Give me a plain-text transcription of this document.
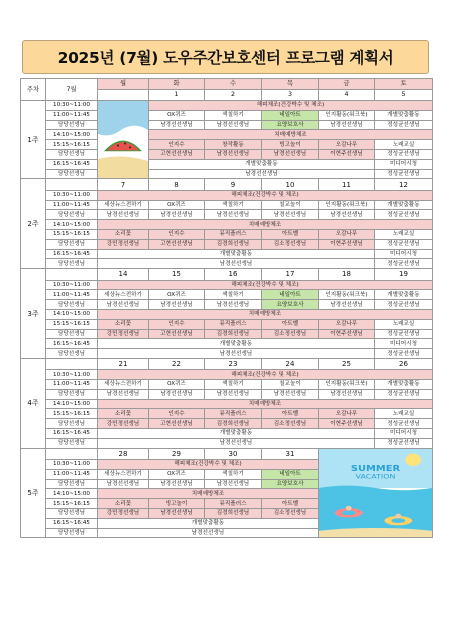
2025년 (7월) 도우주간보호센터 프로그램 계획서
주차	7월	월	화	수	목	금	토
			1	2	3	4	5
1주	10:30~11:00		해피체조(건강박수 및 체조)				
	11:00~11:45		OX퀴즈	색칠하기	네일아트	인지활동(워크북)	개별맞춤활동
	담당선생님		남경선선생님	남경선선생님	요양보호사	남경선선생님	정성균선생님
	14:10~15:00		치매예방체조				
	15:15~16:15		인지수	창작활동	빙고놀이	오감나무	노래교실
	담당선생님		고현선선생님	남경선선생님	남경선선생님	이현주선생님	정성균선생님
	16:15~16:45		개별맞춤활동				미디어시청
	담당선생님		남경선선생님				정성균선생님
2주		7	8	9	10	11	12
	10:30~11:00	해피체조(건강박수 및 체조)					
	11:00~11:45	세상뉴스전하기	OX퀴즈	색칠하기	칠교놀이	인지활동(워크북)	개별맞춤활동
	담당선생님	남경선선생님	남경선선생님	남경선선생님	남경선선생님	남경선선생님	정성균선생님
	14:10~15:00	치매예방체조					
	15:15~16:15	소리꽃	인지수	뮤직플러스	아트벨	오감나무	노래교실
	담당선생님	강민정선생님	고현선선생님	김경희선생님	김소정선생님	이현주선생님	정성균선생님
	16:15~16:45	개별맞춤활동					미디어시청
	담당선생님	남경선선생님					정성균선생님
3주		14	15	16	17	18	19
	10:30~11:00	해피체조(건강박수 및 체조)					
	11:00~11:45	세상뉴스전하기	OX퀴즈	색칠하기	네일아트	인지활동(워크북)	개별맞춤활동
	담당선생님	남경선선생님	남경선선생님	남경선선생님	요양보호사	남경선선생님	정성균선생님
	14:10~15:00	치매예방체조					
	15:15~16:15	소리꽃	인지수	뮤직플러스	아트벨	오감나무	노래교실
	담당선생님	강민정선생님	고현선선생님	김경희선생님	김소정선생님	이현주선생님	정성균선생님
	16:15~16:45	개별맞춤활동					미디어시청
	담당선생님	남경선선생님					정성균선생님
4주		21	22	23	24	25	26
	10:30~11:00	해피체조(건강박수 및 체조)					
	11:00~11:45	세상뉴스전하기	OX퀴즈	색칠하기	칠교놀이	인지활동(워크북)	개별맞춤활동
	담당선생님	남경선선생님	남경선선생님	남경선선생님	남경선선생님	남경선선생님	정성균선생님
	14:10~15:00	치매예방체조					
	15:15~16:15	소리꽃	인지수	뮤직플러스	아트벨	오감나무	노래교실
	담당선생님	강민정선생님	고현선선생님	김경희선생님	김소정선생님	이현주선생님	정성균선생님
	16:15~16:45	개별맞춤활동					미디어시청
	담당선생님	남경선선생님					정성균선생님
5주		28	29	30	31	SUMMER
VACATION	

	10:30~11:00	해피체조(건강박수 및 체조)					
	11:00~11:45	세상뉴스전하기	OX퀴즈	색칠하기	네일아트		
	담당선생님	남경선선생님	남경선선생님	남경선선생님	요양보호사		
	14:10~15:00	치매예방체조					
	15:15~16:15	소리꽃	빙고놀이	뮤직플러스	아트벨		
	담당선생님	강민정선생님	남경선선생님	김경희선생님	김소정선생님		
	16:15~16:45	개별맞춤활동					
	담당선생님	남경선선생님					
